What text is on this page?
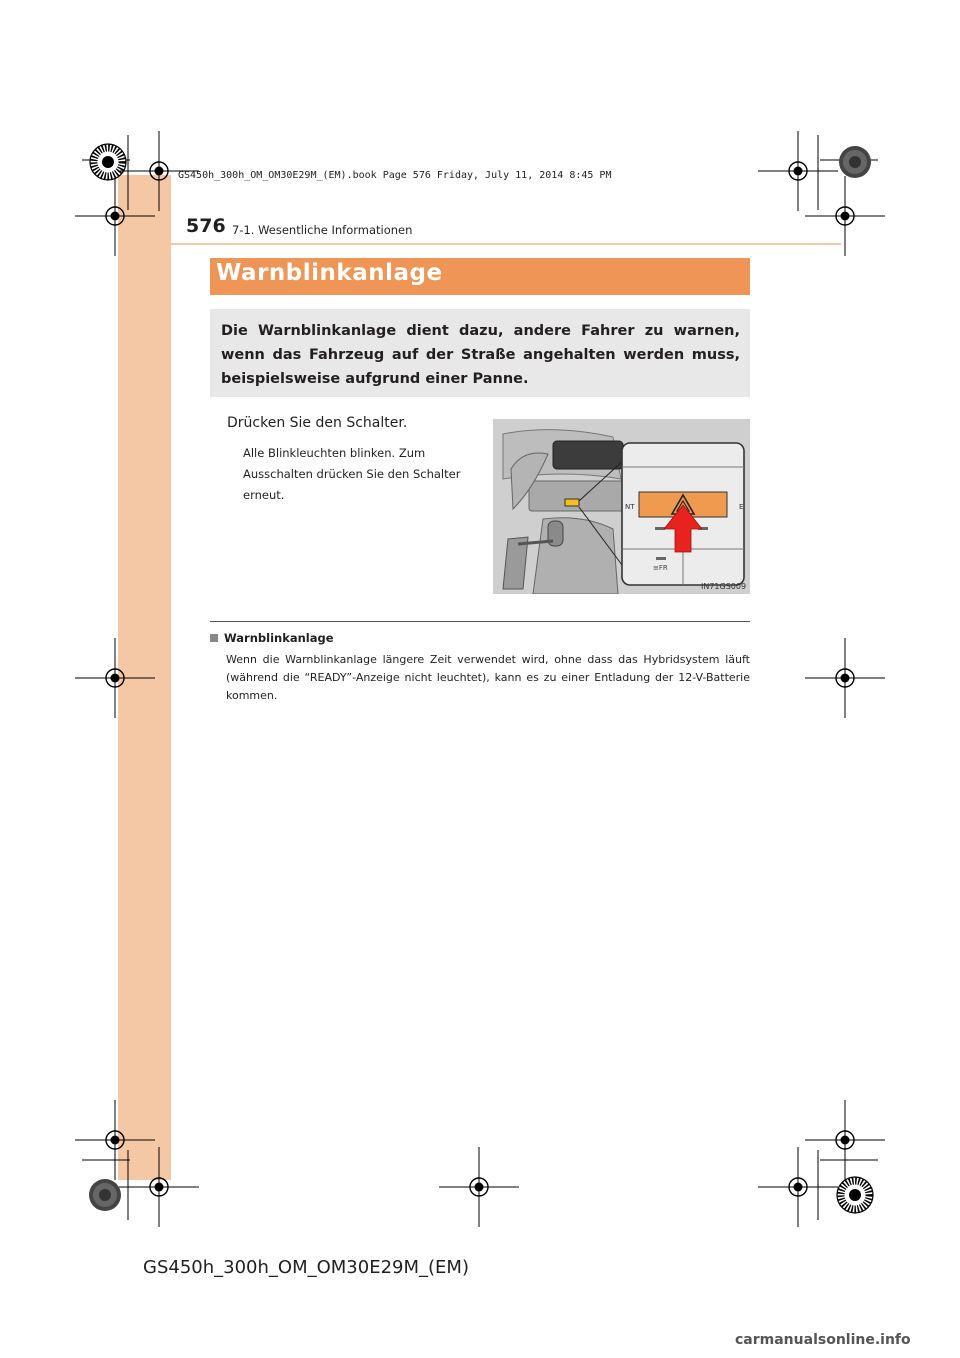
GS450h_300h_OM_OM30E29M_(EM).book Page 576 Friday, July 11, 2014 8:45 PM
576 7-1. Wesentliche Informationen
Warnblinkanlage
Die Warnblinkanlage dient dazu, andere Fahrer zu warnen, wenn das Fahrzeug auf der Straße angehalten werden muss, beispielsweise aufgrund einer Panne.
Drücken Sie den Schalter.
Alle Blinkleuchten blinken. Zum Ausschalten drücken Sie den Schalter erneut.
NT	E
≡FR
IN71GS009
Warnblinkanlage
Wenn die Warnblinkanlage längere Zeit verwendet wird, ohne dass das Hybridsystem läuft (während die “READY”-Anzeige nicht leuchtet), kann es zu einer Entladung der 12-V-Batterie kommen.
GS450h_300h_OM_OM30E29M_(EM)
carmanualsonline.info
